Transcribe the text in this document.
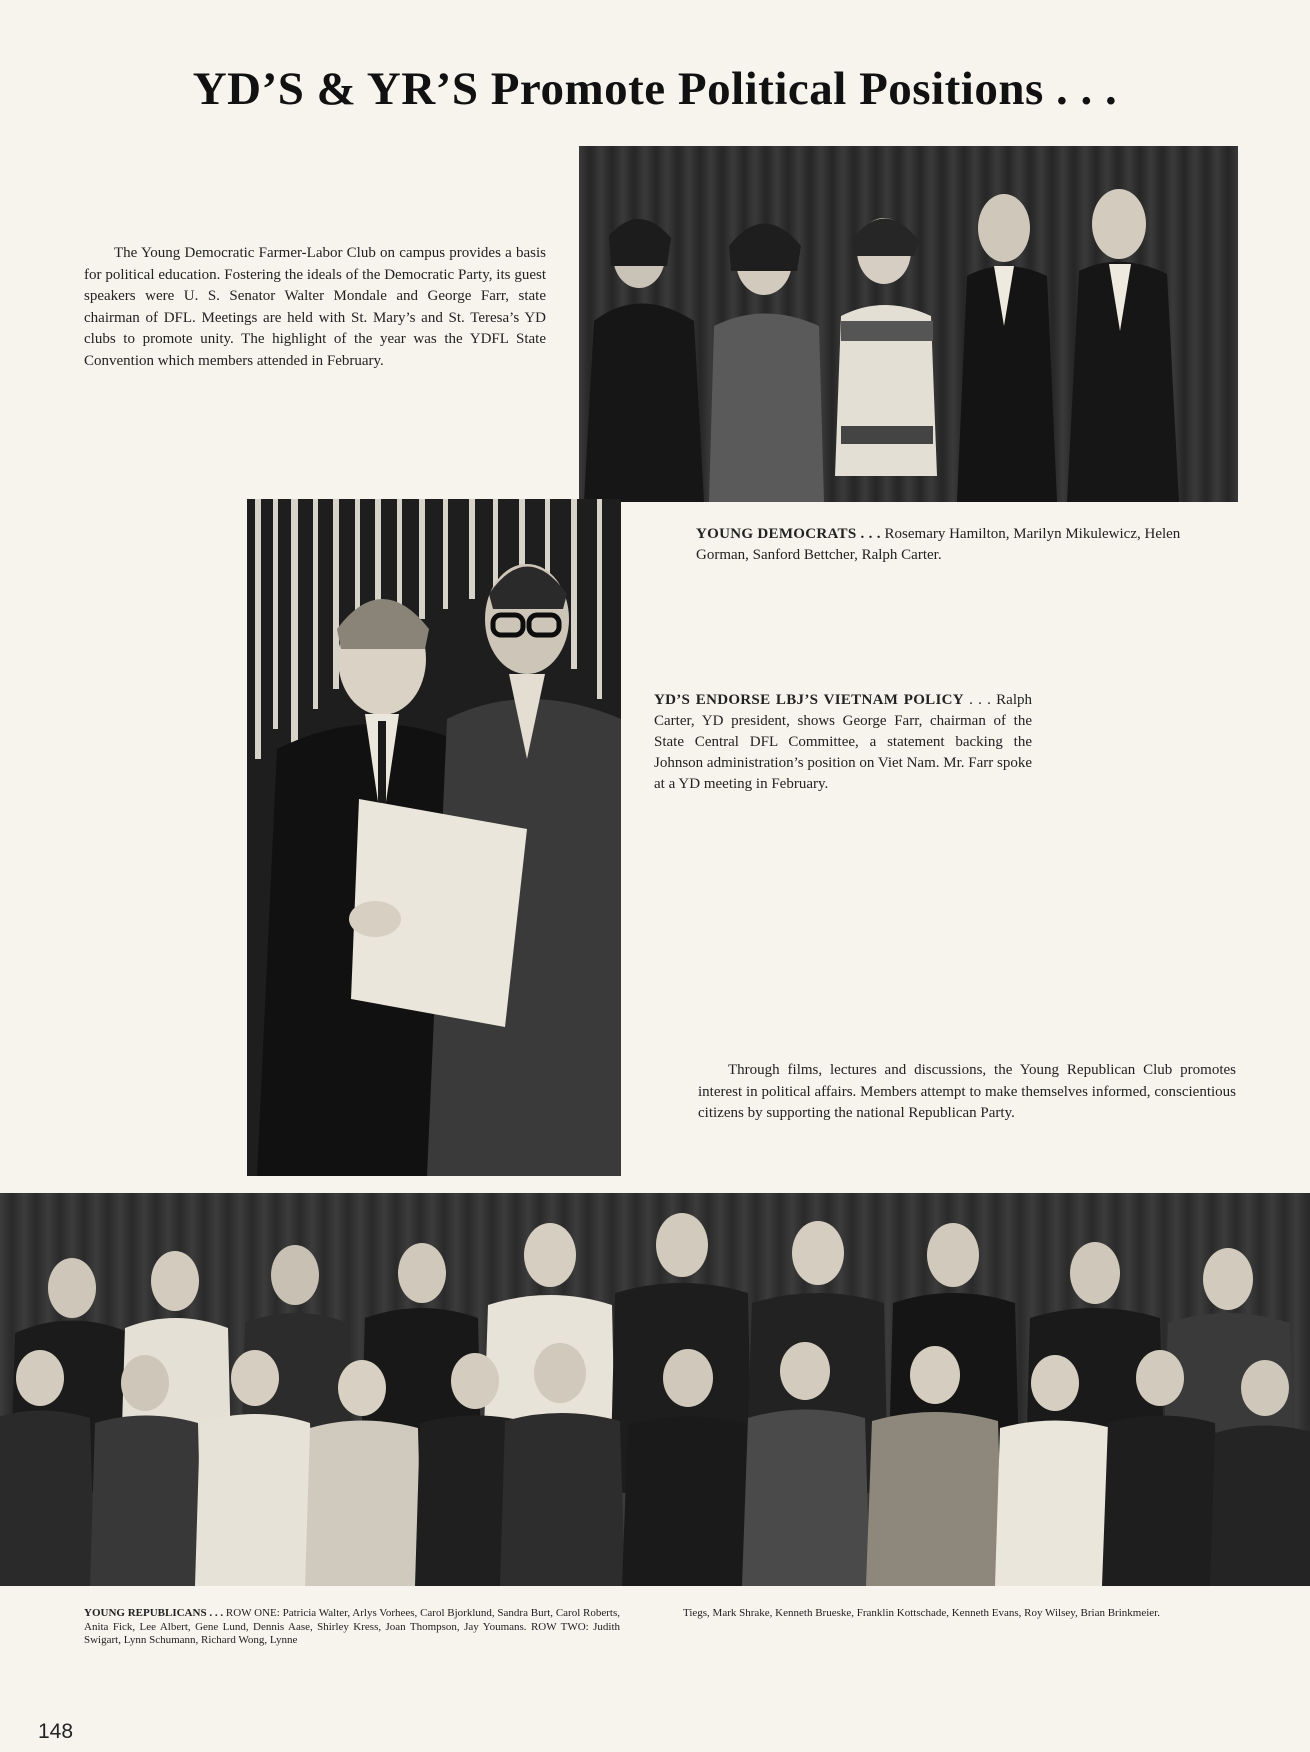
YD’S & YR’S Promote Political Positions . . .
The Young Democratic Farmer-Labor Club on campus provides a basis for political education. Fostering the ideals of the Democratic Party, its guest speakers were U. S. Senator Walter Mondale and George Farr, state chairman of DFL. Meetings are held with St. Mary’s and St. Teresa’s YD clubs to promote unity. The highlight of the year was the YDFL State Convention which members attended in February.
YOUNG DEMOCRATS . . . Rosemary Hamilton, Marilyn Mikulewicz, Helen Gorman, Sanford Bettcher, Ralph Carter.
YD’S ENDORSE LBJ’S VIETNAM POLICY . . . Ralph Carter, YD president, shows George Farr, chairman of the State Central DFL Committee, a statement backing the Johnson administration’s position on Viet Nam. Mr. Farr spoke at a YD meeting in February.
Through films, lectures and discussions, the Young Republican Club promotes interest in political affairs. Members attempt to make themselves informed, conscientious citizens by supporting the national Republican Party.
YOUNG REPUBLICANS . . . ROW ONE: Patricia Walter, Arlys Vorhees, Carol Bjorklund, Sandra Burt, Carol Roberts, Anita Fick, Lee Albert, Gene Lund, Dennis Aase, Shirley Kress, Joan Thompson, Jay Youmans. ROW TWO: Judith Swigart, Lynn Schumann, Richard Wong, Lynne
Tiegs, Mark Shrake, Kenneth Brueske, Franklin Kottschade, Kenneth Evans, Roy Wilsey, Brian Brinkmeier.
148
